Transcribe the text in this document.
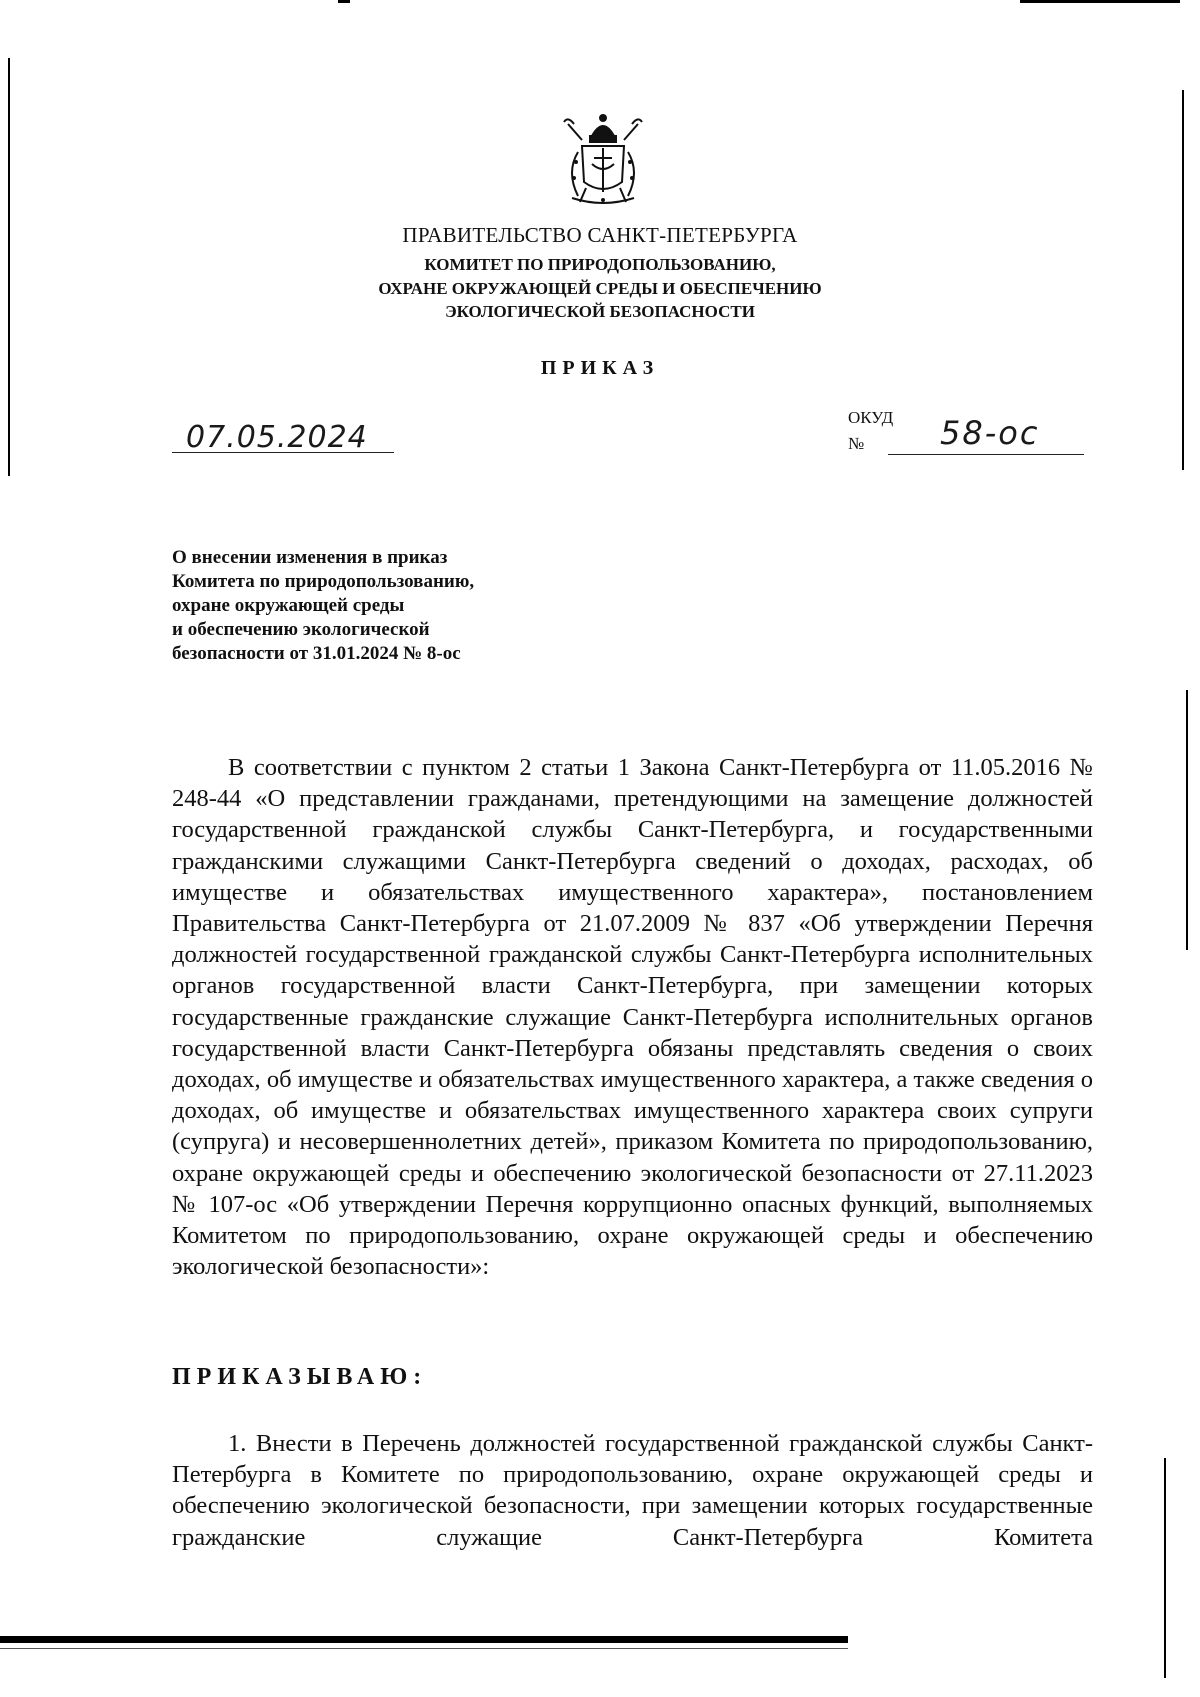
ПРАВИТЕЛЬСТВО САНКТ-ПЕТЕРБУРГА
КОМИТЕТ ПО ПРИРОДОПОЛЬЗОВАНИЮ,
ОХРАНЕ ОКРУЖАЮЩЕЙ СРЕДЫ И ОБЕСПЕЧЕНИЮ
ЭКОЛОГИЧЕСКОЙ БЕЗОПАСНОСТИ
ПРИКАЗ
07.05.2024
ОКУД
№ 58-ос
О внесении изменения в приказ
Комитета по природопользованию,
охране окружающей среды
и обеспечению экологической
безопасности от 31.01.2024 № 8-ос

В соответствии с пунктом 2 статьи 1 Закона Санкт-Петербурга от 11.05.2016 № 248-44 «О представлении гражданами, претендующими на замещение должностей государственной гражданской службы Санкт-Петербурга, и государственными гражданскими служащими Санкт-Петербурга сведений о доходах, расходах, об имуществе и обязательствах имущественного характера», постановлением Правительства Санкт-Петербурга от 21.07.2009 № 837 «Об утверждении Перечня должностей государственной гражданской службы Санкт-Петербурга исполнительных органов государственной власти Санкт-Петербурга, при замещении которых государственные гражданские служащие Санкт-Петербурга исполнительных органов государственной власти Санкт-Петербурга обязаны представлять сведения о своих доходах, об имуществе и обязательствах имущественного характера, а также сведения о доходах, об имуществе и обязательствах имущественного характера своих супруги (супруга) и несовершеннолетних детей», приказом Комитета по природопользованию, охране окружающей среды и обеспечению экологической безопасности от 27.11.2023 № 107-ос «Об утверждении Перечня коррупционно опасных функций, выполняемых Комитетом по природопользованию, охране окружающей среды и обеспечению экологической безопасности»:

ПРИКАЗЫВАЮ:

1. Внести в Перечень должностей государственной гражданской службы Санкт-Петербурга в Комитете по природопользованию, охране окружающей среды и обеспечению экологической безопасности, при замещении которых государственные гражданские служащие Санкт-Петербурга Комитета
